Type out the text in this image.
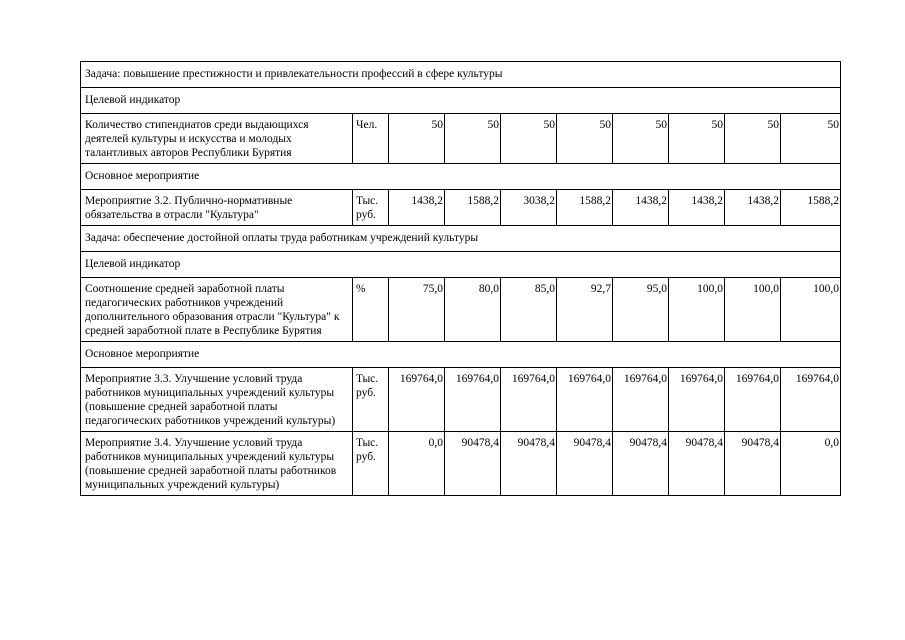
Задача: повышение престижности и привлекательности профессий в сфере культуры									
Целевой индикатор									
Количество стипендиатов среди выдающихся деятелей культуры и искусства и молодых талантливых авторов Республики Бурятия	Чел.	50	50	50	50	50	50	50	50
Основное мероприятие									
Мероприятие 3.2. Публично-нормативные обязательства в отрасли "Культура"	Тыс. руб.	1438,2	1588,2	3038,2	1588,2	1438,2	1438,2	1438,2	1588,2
Задача: обеспечение достойной оплаты труда работникам учреждений культуры									
Целевой индикатор									
Соотношение средней заработной платы педагогических работников учреждений дополнительного образования отрасли "Культура" к средней заработной плате в Республике Бурятия	%	75,0	80,0	85,0	92,7	95,0	100,0	100,0	100,0
Основное мероприятие									
Мероприятие 3.3. Улучшение условий труда работников муниципальных учреждений культуры (повышение средней заработной платы педагогических работников учреждений культуры)	Тыс. руб.	169764,0	169764,0	169764,0	169764,0	169764,0	169764,0	169764,0	169764,0
Мероприятие 3.4. Улучшение условий труда работников муниципальных учреждений культуры (повышение средней заработной платы работников муниципальных учреждений культуры)	Тыс. руб.	0,0	90478,4	90478,4	90478,4	90478,4	90478,4	90478,4	0,0
